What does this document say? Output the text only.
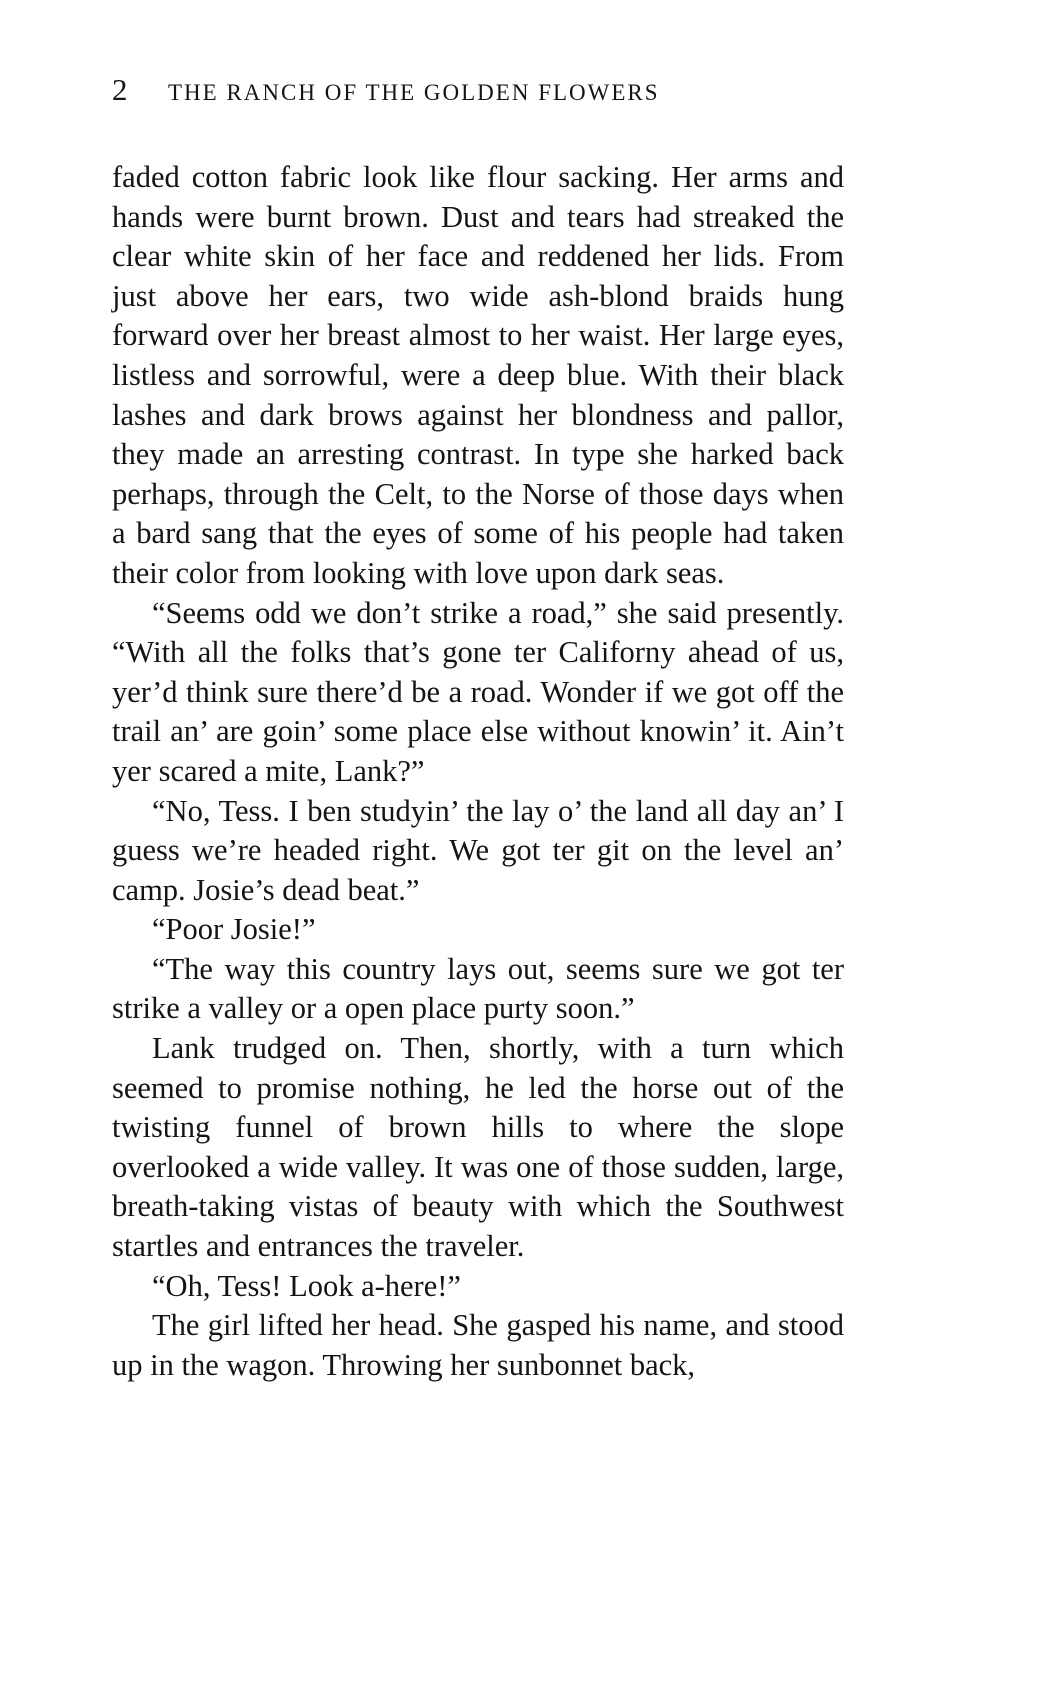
2	THE RANCH OF THE GOLDEN FLOWERS

faded cotton fabric look like flour sacking. Her arms and hands were burnt brown. Dust and tears had streaked the clear white skin of her face and reddened her lids. From just above her ears, two wide ash-blond braids hung forward over her breast almost to her waist. Her large eyes, listless and sorrowful, were a deep blue. With their black lashes and dark brows against her blondness and pallor, they made an arresting contrast. In type she harked back perhaps, through the Celt, to the Norse of those days when a bard sang that the eyes of some of his people had taken their color from looking with love upon dark seas.

“Seems odd we don’t strike a road,” she said presently. “With all the folks that’s gone ter Californy ahead of us, yer’d think sure there’d be a road. Wonder if we got off the trail an’ are goin’ some place else without knowin’ it. Ain’t yer scared a mite, Lank?”

“No, Tess. I ben studyin’ the lay o’ the land all day an’ I guess we’re headed right. We got ter git on the level an’ camp. Josie’s dead beat.”

“Poor Josie!”

“The way this country lays out, seems sure we got ter strike a valley or a open place purty soon.”

Lank trudged on. Then, shortly, with a turn which seemed to promise nothing, he led the horse out of the twisting funnel of brown hills to where the slope overlooked a wide valley. It was one of those sudden, large, breath-taking vistas of beauty with which the Southwest startles and entrances the traveler.

“Oh, Tess! Look a-here!”

The girl lifted her head. She gasped his name, and stood up in the wagon. Throwing her sunbonnet back,
